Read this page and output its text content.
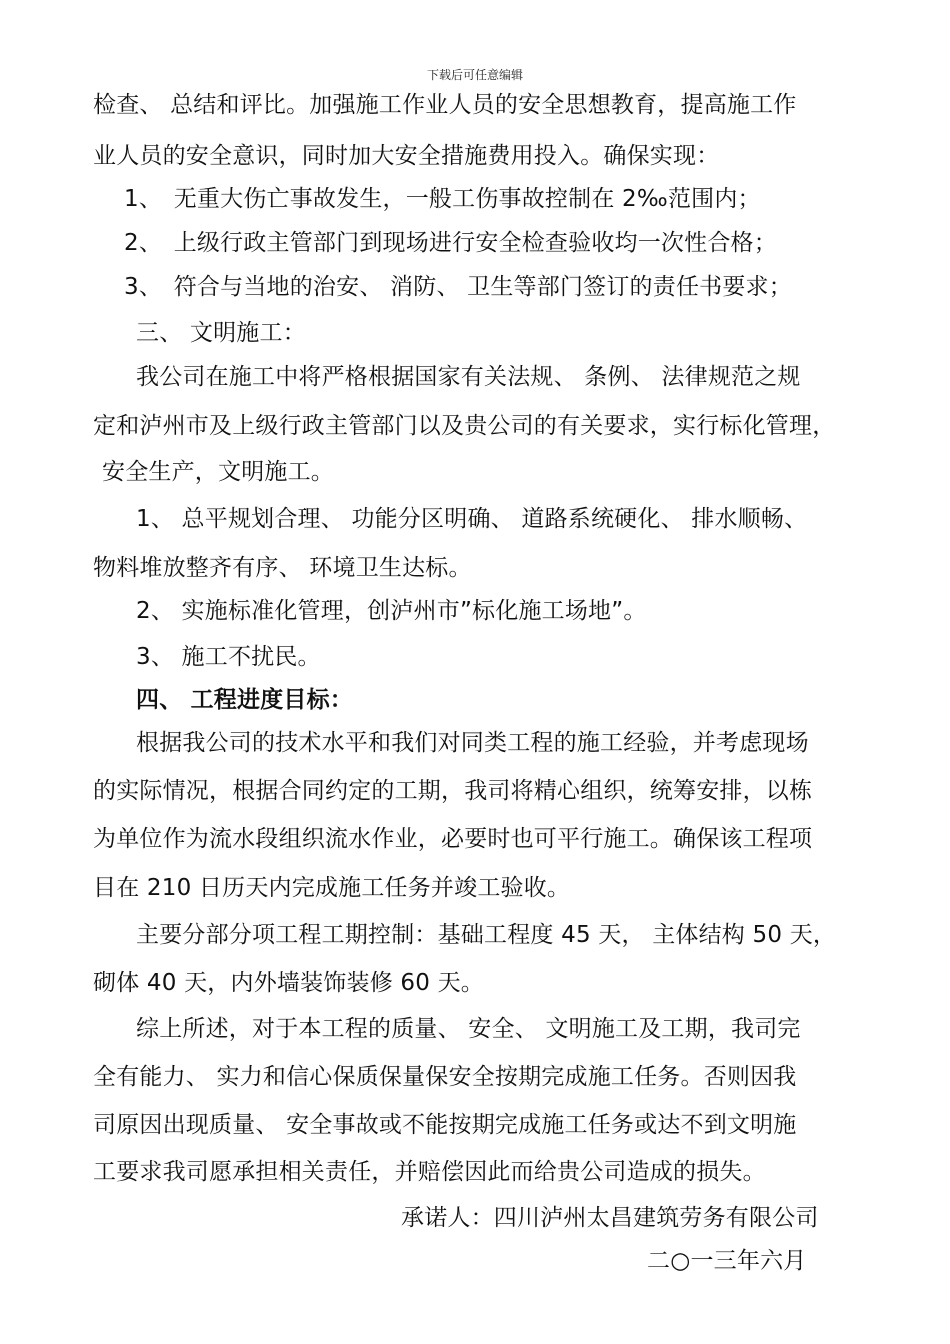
下载后可任意编辑
检查、 总结和评比。加强施工作业人员的安全思想教育，提高施工作
业人员的安全意识，同时加大安全措施费用投入。确保实现：
1、　无重大伤亡事故发生，一般工伤事故控制在 2‰范围内；
2、　上级行政主管部门到现场进行安全检查验收均一次性合格；
3、　符合与当地的治安、 消防、 卫生等部门签订的责任书要求；
三、 文明施工：
我公司在施工中将严格根据国家有关法规、 条例、 法律规范之规
定和泸州市及上级行政主管部门以及贵公司的有关要求，实行标化管理，
安全生产，文明施工。
1、 总平规划合理、 功能分区明确、 道路系统硬化、 排水顺畅、
物料堆放整齐有序、 环境卫生达标。
2、 实施标准化管理，创泸州市”标化施工场地”。
3、 施工不扰民。
四、 工程进度目标：
根据我公司的技术水平和我们对同类工程的施工经验，并考虑现场
的实际情况，根据合同约定的工期，我司将精心组织，统筹安排，以栋
为单位作为流水段组织流水作业，必要时也可平行施工。确保该工程项
目在 210 日历天内完成施工任务并竣工验收。
主要分部分项工程工期控制：基础工程度 45 天， 主体结构 50 天，
砌体 40 天，内外墙装饰装修 60 天。
综上所述，对于本工程的质量、 安全、 文明施工及工期，我司完
全有能力、 实力和信心保质保量保安全按期完成施工任务。否则因我
司原因出现质量、 安全事故或不能按期完成施工任务或达不到文明施
工要求我司愿承担相关责任，并赔偿因此而给贵公司造成的损失。
承诺人：四川泸州太昌建筑劳务有限公司
二○一三年六月
